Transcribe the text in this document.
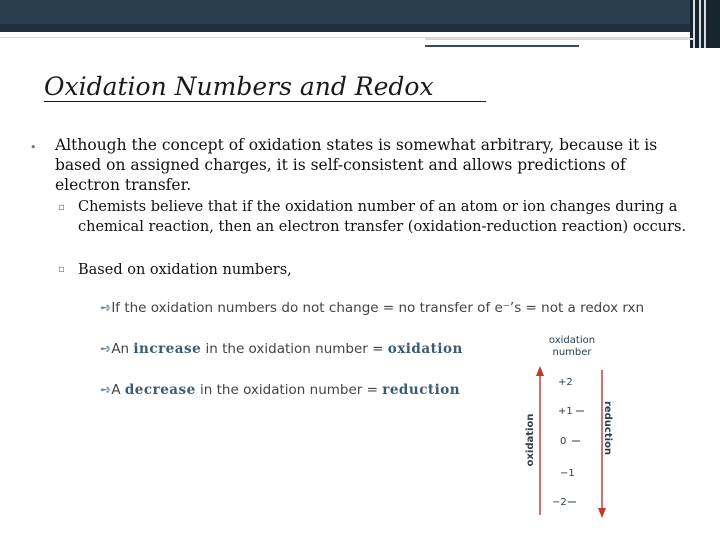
Oxidation Numbers and Redox
• Although the concept of oxidation states is somewhat arbitrary, because it is based on assigned charges, it is self-consistent and allows predictions of electron transfer.
▫ Chemists believe that if the oxidation number of an atom or ion changes during a chemical reaction, then an electron transfer (oxidation-reduction reaction) occurs.
▫ Based on oxidation numbers,
➺If the oxidation numbers do not change = no transfer of e⁻’s = not a redox rxn
➺An increase in the oxidation number = oxidation
➺A decrease in the oxidation number = reduction
oxidation
number
oxidation	reduction
+2
+1
0
−1
−2
